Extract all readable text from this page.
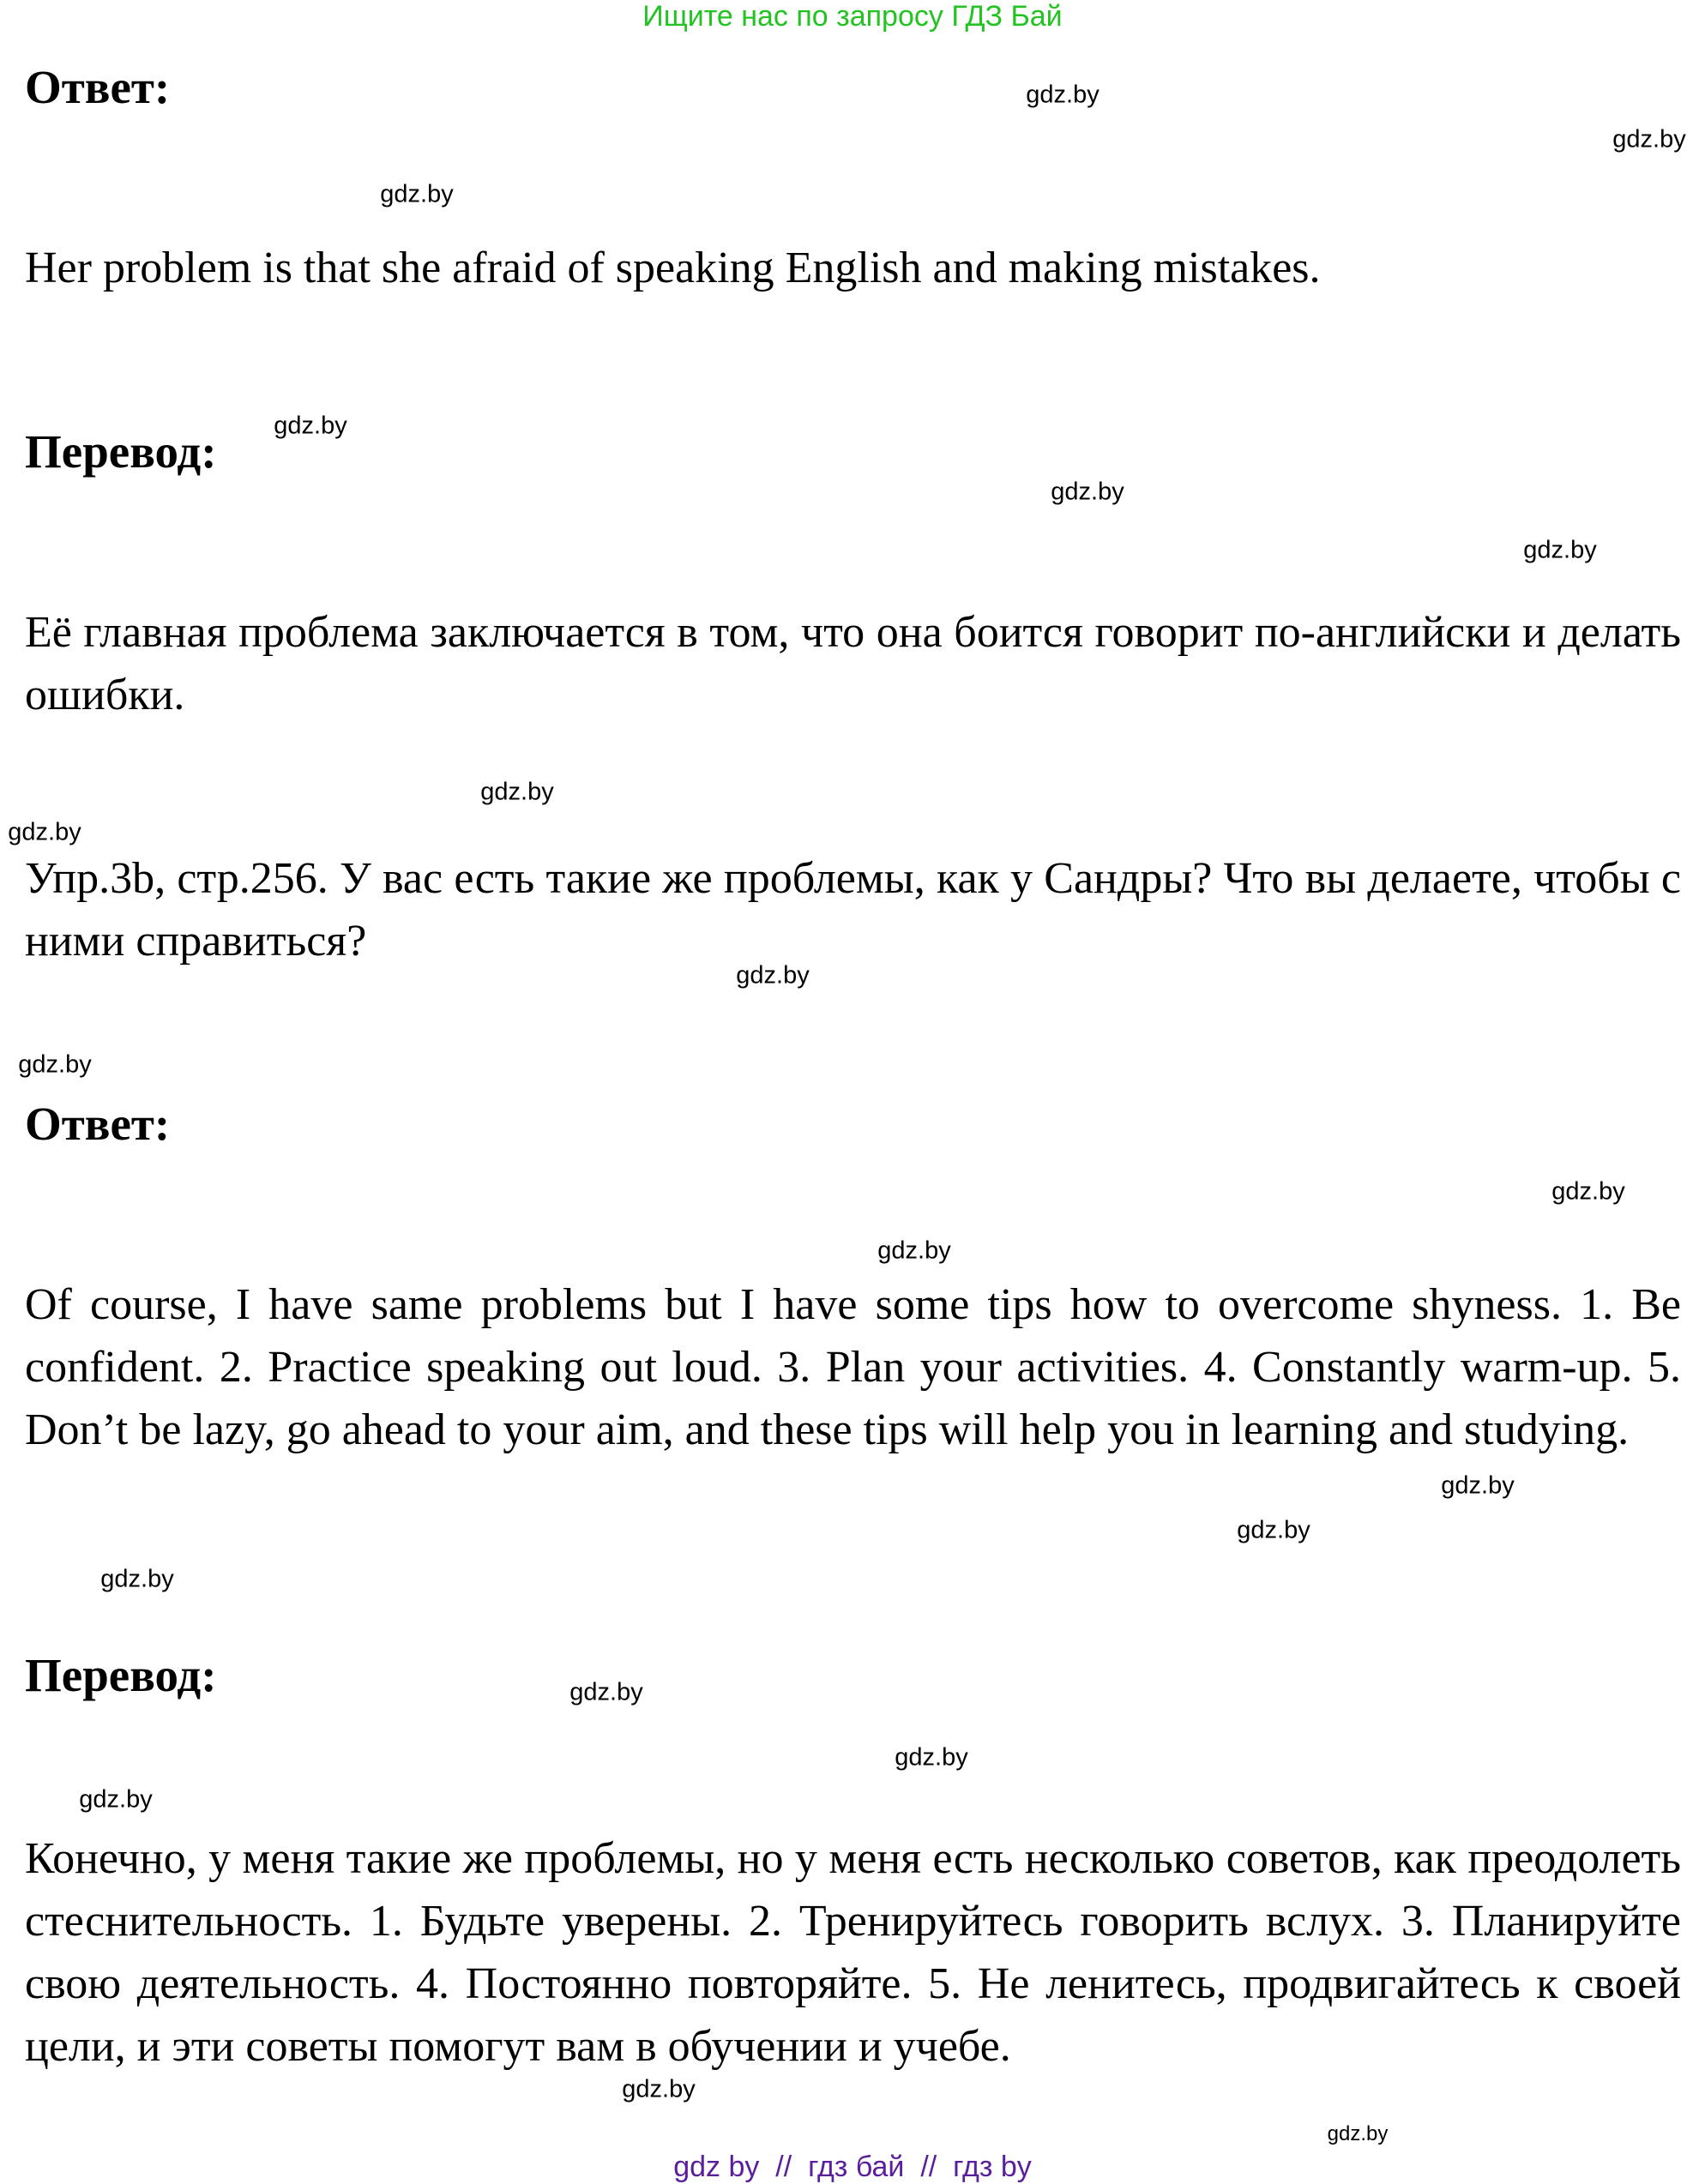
Ищите нас по запросу ГДЗ Бай
Ответ:
Her problem is that she afraid of speaking English and making mistakes.
Перевод:
Её главная проблема заключается в том, что она боится говорит по-английски и делать ошибки.
Упр.3b, стр.256. У вас есть такие же проблемы, как у Сандры? Что вы делаете, чтобы с ними справиться?
Ответ:
Of course, I have same problems but I have some tips how to overcome shyness. 1. Be confident. 2. Practice speaking out loud. 3. Plan your activities. 4. Constantly warm-up. 5. Don’t be lazy, go ahead to your aim, and these tips will help you in learning and studying.
Перевод:
Конечно, у меня такие же проблемы, но у меня есть несколько советов, как преодолеть стеснительность. 1. Будьте уверены. 2. Тренируйтесь говорить вслух. 3. Планируйте свою деятельность. 4. Постоянно повторяйте. 5. Не ленитесь, продвигайтесь к своей цели, и эти советы помогут вам в обучении и учебе.
gdz.by
gdz.by
gdz.by
gdz.by
gdz.by
gdz.by
gdz.by
gdz.by
gdz.by
gdz.by
gdz.by
gdz.by
gdz.by
gdz.by
gdz.by
gdz.by
gdz.by
gdz.by
gdz.by
gdz.by
gdz by  //  гдз бай  //  гдз by
